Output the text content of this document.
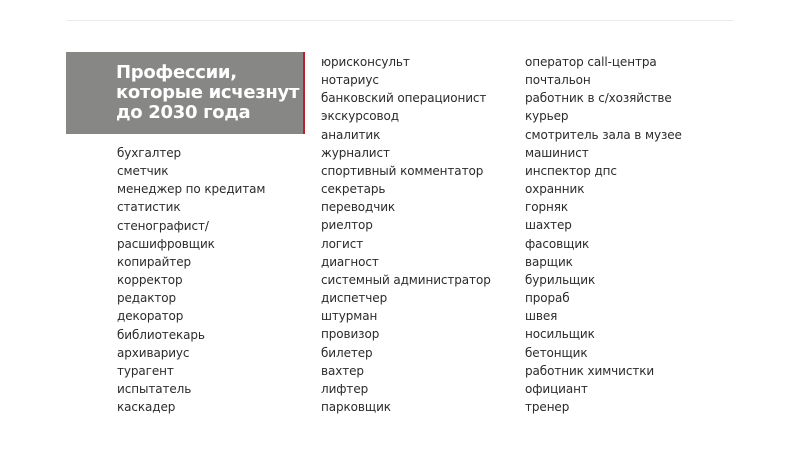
Профессии,
которые исчезнут
до 2030 года
бухгалтер
сметчик
менеджер по кредитам
статистик
стенографист/
расшифровщик
копирайтер
корректор
редактор
декоратор
библиотекарь
архивариус
турагент
испытатель
каскадер
юрисконсульт
нотариус
банковский операционист
экскурсовод
аналитик
журналист
спортивный комментатор
секретарь
переводчик
риелтор
логист
диагност
системный администратор
диспетчер
штурман
провизор
билетер
вахтер
лифтер
парковщик
оператор call-центра
почтальон
работник в с/хозяйстве
курьер
смотритель зала в музее
машинист
инспектор дпс
охранник
горняк
шахтер
фасовщик
варщик
бурильщик
прораб
швея
носильщик
бетонщик
работник химчистки
официант
тренер
